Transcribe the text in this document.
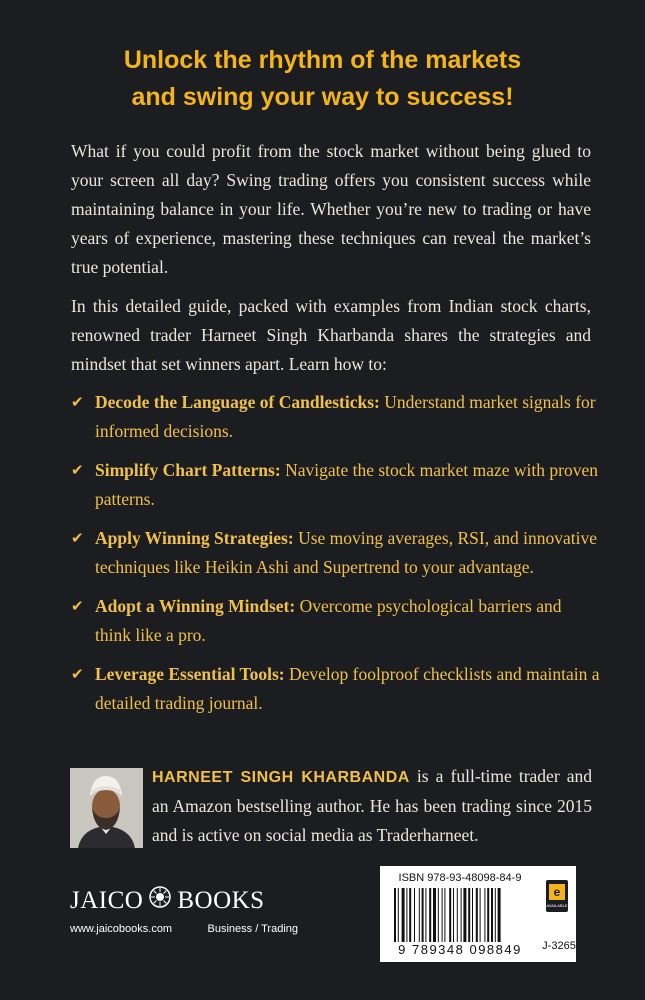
Unlock the rhythm of the markets
and swing your way to success!
What if you could profit from the stock market without being glued to your screen all day? Swing trading offers you consistent success while maintaining balance in your life. Whether you’re new to trading or have years of experience, mastering these techniques can reveal the market’s true potential.
In this detailed guide, packed with examples from Indian stock charts, renowned trader Harneet Singh Kharbanda shares the strategies and mindset that set winners apart. Learn how to:
✔ Decode the Language of Candlesticks: Understand market signals for informed decisions.
✔ Simplify Chart Patterns: Navigate the stock market maze with proven patterns.
✔ Apply Winning Strategies: Use moving averages, RSI, and innovative techniques like Heikin Ashi and Supertrend to your advantage.
✔ Adopt a Winning Mindset: Overcome psychological barriers and think like a pro.
✔ Leverage Essential Tools: Develop foolproof checklists and maintain a detailed trading journal.
HARNEET SINGH KHARBANDA is a full-time trader and an Amazon bestselling author. He has been trading since 2015 and is active on social media as Traderharneet.
JAICO BOOKS
www.jaicobooks.com	Business / Trading
ISBN 978-93-48098-84-9
9 789348 098849
e
AVAILABLE
J-3265
